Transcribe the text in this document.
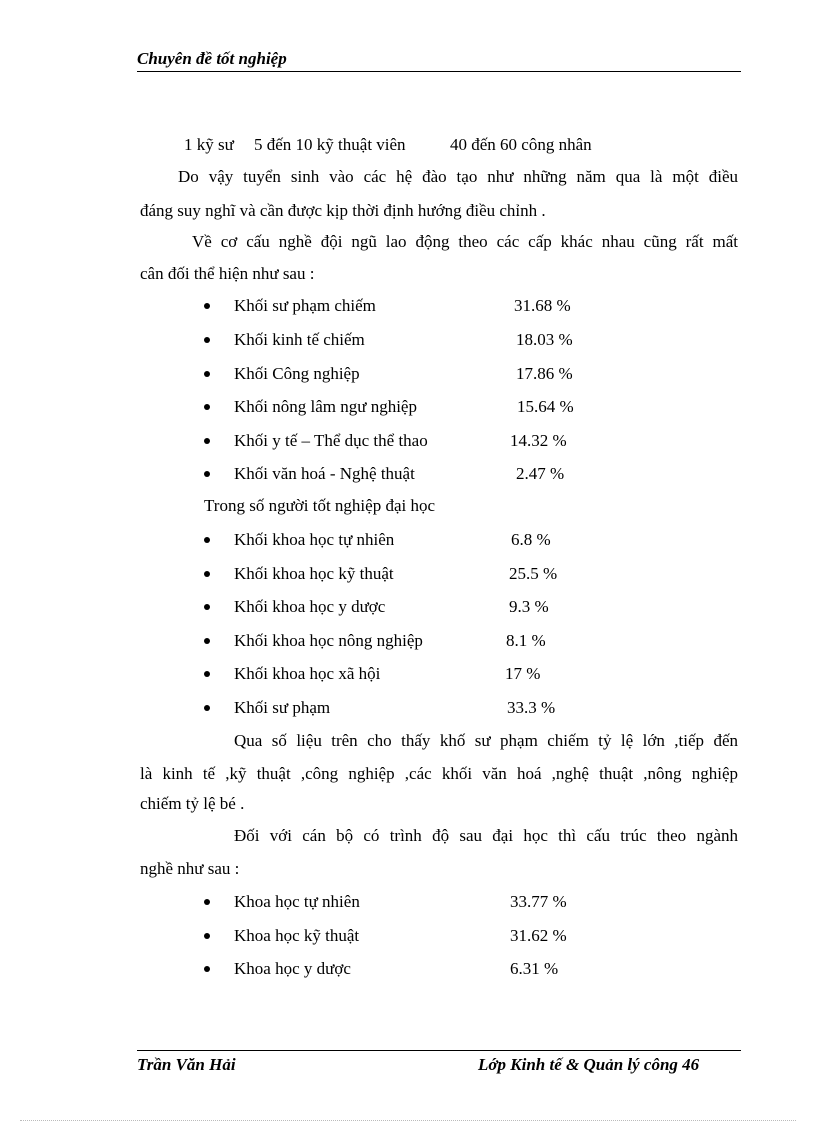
Chuyên đề tốt nghiệp
1 kỹ sư 5 đến 10 kỹ thuật viên	40 đến 60 công nhân
Do vậy tuyển sinh vào các hệ đào tạo như những năm qua là một điều
đáng suy nghĩ và cần được kịp thời định hướng điều chỉnh .
Về cơ cấu nghề đội ngũ lao động theo các cấp khác nhau cũng rất mất
cân đối thể hiện như sau :
Khối sư phạm chiếm	31.68 %
Khối kinh tế chiếm	18.03 %
Khối Công nghiệp	17.86 %
Khối nông lâm ngư nghiệp	15.64 %
Khối y tế – Thể dục thể thao	14.32 %
Khối văn hoá - Nghệ thuật	2.47 %
Trong số người tốt nghiệp đại học
Khối khoa học tự nhiên	6.8 %
Khối khoa học kỹ thuật	25.5 %
Khối khoa học y dược	9.3 %
Khối khoa học nông nghiệp	8.1 %
Khối khoa học xã hội	17 %
Khối sư phạm	33.3 %
Qua số liệu trên cho thấy khố sư phạm chiếm tỷ lệ lớn ,tiếp đến
là kinh tế ,kỹ thuật ,công nghiệp ,các khối văn hoá ,nghệ thuật ,nông nghiệp
chiếm tỷ lệ bé .
Đối với cán bộ có trình độ sau đại học thì cấu trúc theo ngành
nghề như sau :
Khoa học tự nhiên	33.77 %
Khoa học kỹ thuật	31.62 %
Khoa học y dược	6.31 %
Trần Văn Hải	Lớp Kinh tế & Quản lý công 46
